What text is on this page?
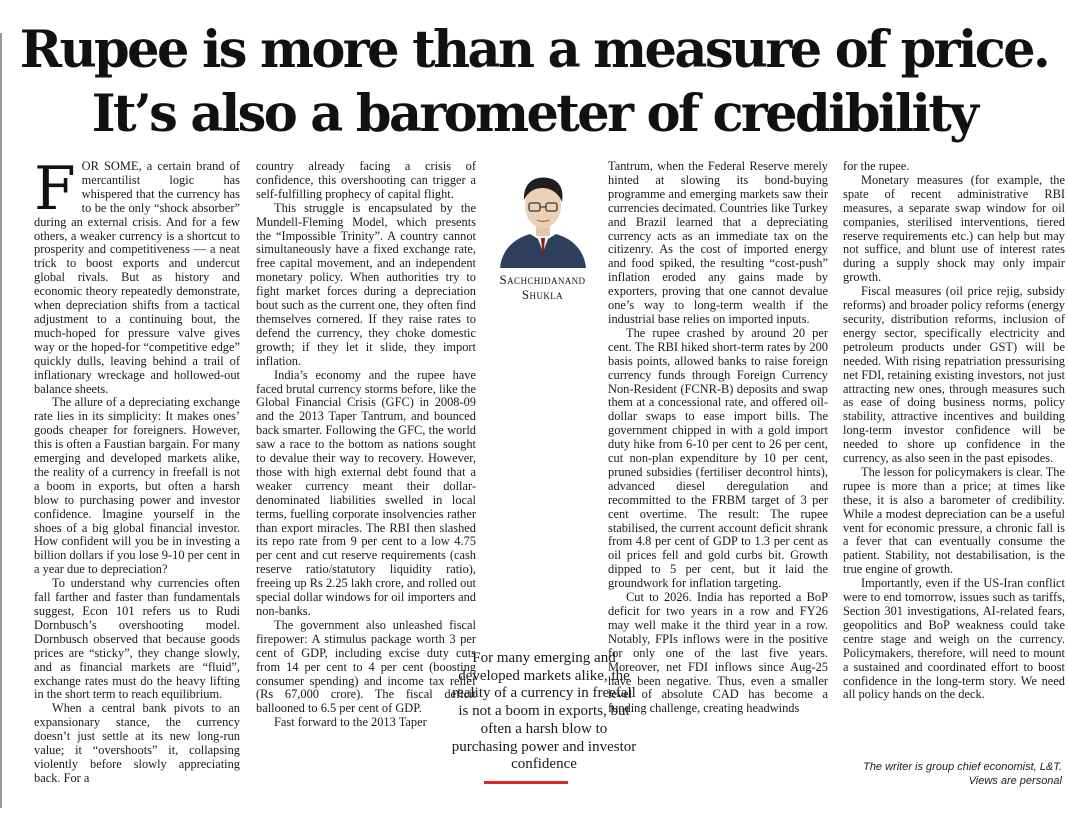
Rupee is more than a measure of price.
It’s also a barometer of credibility

FOR SOME, a certain brand of mercantilist logic has whispered that the currency has to be the only “shock absorber” during an external crisis. And for a few others, a weaker currency is a shortcut to prosperity and competitiveness — a neat trick to boost exports and undercut global rivals. But as history and economic theory repeatedly demonstrate, when depreciation shifts from a tactical adjustment to a continuing bout, the much-hoped for pressure valve gives way or the hoped-for “competitive edge” quickly dulls, leaving behind a trail of inflationary wreckage and hollowed-out balance sheets.

The allure of a depreciating exchange rate lies in its simplicity: It makes ones’ goods cheaper for foreigners. However, this is often a Faustian bargain. For many emerging and developed markets alike, the reality of a currency in freefall is not a boom in exports, but often a harsh blow to purchasing power and investor confidence. Imagine yourself in the shoes of a big global financial investor. How confident will you be in investing a billion dollars if you lose 9-10 per cent in a year due to depreciation?

To understand why currencies often fall farther and faster than fundamentals suggest, Econ 101 refers us to Rudi Dornbusch’s overshooting model. Dornbusch observed that because goods prices are “sticky”, they change slowly, and as financial markets are “fluid”, exchange rates must do the heavy lifting in the short term to reach equilibrium.

When a central bank pivots to an expansionary stance, the currency doesn’t just settle at its new long-run value; it “overshoots” it, collapsing violently before slowly appreciating back. For a

country already facing a crisis of confidence, this overshooting can trigger a self-fulfilling prophecy of capital flight.

This struggle is encapsulated by the Mundell-Fleming Model, which presents the “Impossible Trinity”. A country cannot simultaneously have a fixed exchange rate, free capital movement, and an independent monetary policy. When authorities try to fight market forces during a depreciation bout such as the current one, they often find themselves cornered. If they raise rates to defend the currency, they choke domestic growth; if they let it slide, they import inflation.

India’s economy and the rupee have faced brutal currency storms before, like the Global Financial Crisis (GFC) in 2008-09 and the 2013 Taper Tantrum, and bounced back smarter. Following the GFC, the world saw a race to the bottom as nations sought to devalue their way to recovery. However, those with high external debt found that a weaker currency meant their dollar-denominated liabilities swelled in local terms, fuelling corporate insolvencies rather than export miracles. The RBI then slashed its repo rate from 9 per cent to a low 4.75 per cent and cut reserve requirements (cash reserve ratio/statutory liquidity ratio), freeing up Rs 2.25 lakh crore, and rolled out special dollar windows for oil importers and non-banks.

The government also unleashed fiscal firepower: A stimulus package worth 3 per cent of GDP, including excise duty cuts from 14 per cent to 4 per cent (boosting consumer spending) and income tax relief (Rs 67,000 crore). The fiscal deficit ballooned to 6.5 per cent of GDP.

Fast forward to the 2013 Taper

Sachchidanand
Shukla

Tantrum, when the Federal Reserve merely hinted at slowing its bond-buying programme and emerging markets saw their currencies decimated. Countries like Turkey and Brazil learned that a depreciating currency acts as an immediate tax on the citizenry. As the cost of imported energy and food spiked, the resulting “cost-push” inflation eroded any gains made by exporters, proving that one cannot devalue one’s way to long-term wealth if the industrial base relies on imported inputs.

The rupee crashed by around 20 per cent. The RBI hiked short-term rates by 200 basis points, allowed banks to raise foreign currency funds through Foreign Currency Non-Resident (FCNR-B) deposits and swap them at a concessional rate, and offered oil-dollar swaps to ease import bills. The government chipped in with a gold import duty hike from 6-10 per cent to 26 per cent, cut non-plan expenditure by 10 per cent, pruned subsidies (fertiliser decontrol hints), advanced diesel deregulation and recommitted to the FRBM target of 3 per cent overtime. The result: The rupee stabilised, the current account deficit shrank from 4.8 per cent of GDP to 1.3 per cent as oil prices fell and gold curbs bit. Growth dipped to 5 per cent, but it laid the groundwork for inflation targeting.

Cut to 2026. India has reported a BoP deficit for two years in a row and FY26 may well make it the third year in a row. Notably, FPIs inflows were in the positive for only one of the last five years. Moreover, net FDI inflows since Aug-25 have been negative. Thus, even a smaller level of absolute CAD has become a funding challenge, creating headwinds

for the rupee.

Monetary measures (for example, the spate of recent administrative RBI measures, a separate swap window for oil companies, sterilised interventions, tiered reserve requirements etc.) can help but may not suffice, and blunt use of interest rates during a supply shock may only impair growth.

Fiscal measures (oil price rejig, subsidy reforms) and broader policy reforms (energy security, distribution reforms, inclusion of energy sector, specifically electricity and petroleum products under GST) will be needed. With rising repatriation pressurising net FDI, retaining existing investors, not just attracting new ones, through measures such as ease of doing business norms, policy stability, attractive incentives and building long-term investor confidence will be needed to shore up confidence in the currency, as also seen in the past episodes.

The lesson for policymakers is clear. The rupee is more than a price; at times like these, it is also a barometer of credibility. While a modest depreciation can be a useful vent for economic pressure, a chronic fall is a fever that can eventually consume the patient. Stability, not destabilisation, is the true engine of growth.

Importantly, even if the US-Iran conflict were to end tomorrow, issues such as tariffs, Section 301 investigations, AI-related fears, geopolitics and BoP weakness could take centre stage and weigh on the currency. Policymakers, therefore, will need to mount a sustained and coordinated effort to boost confidence in the long-term story. We need all policy hands on the deck.

For many emerging and developed markets alike, the reality of a currency in freefall is not a boom in exports, but often a harsh blow to purchasing power and investor confidence	The writer is group chief economist, L&T.
Views are personal
